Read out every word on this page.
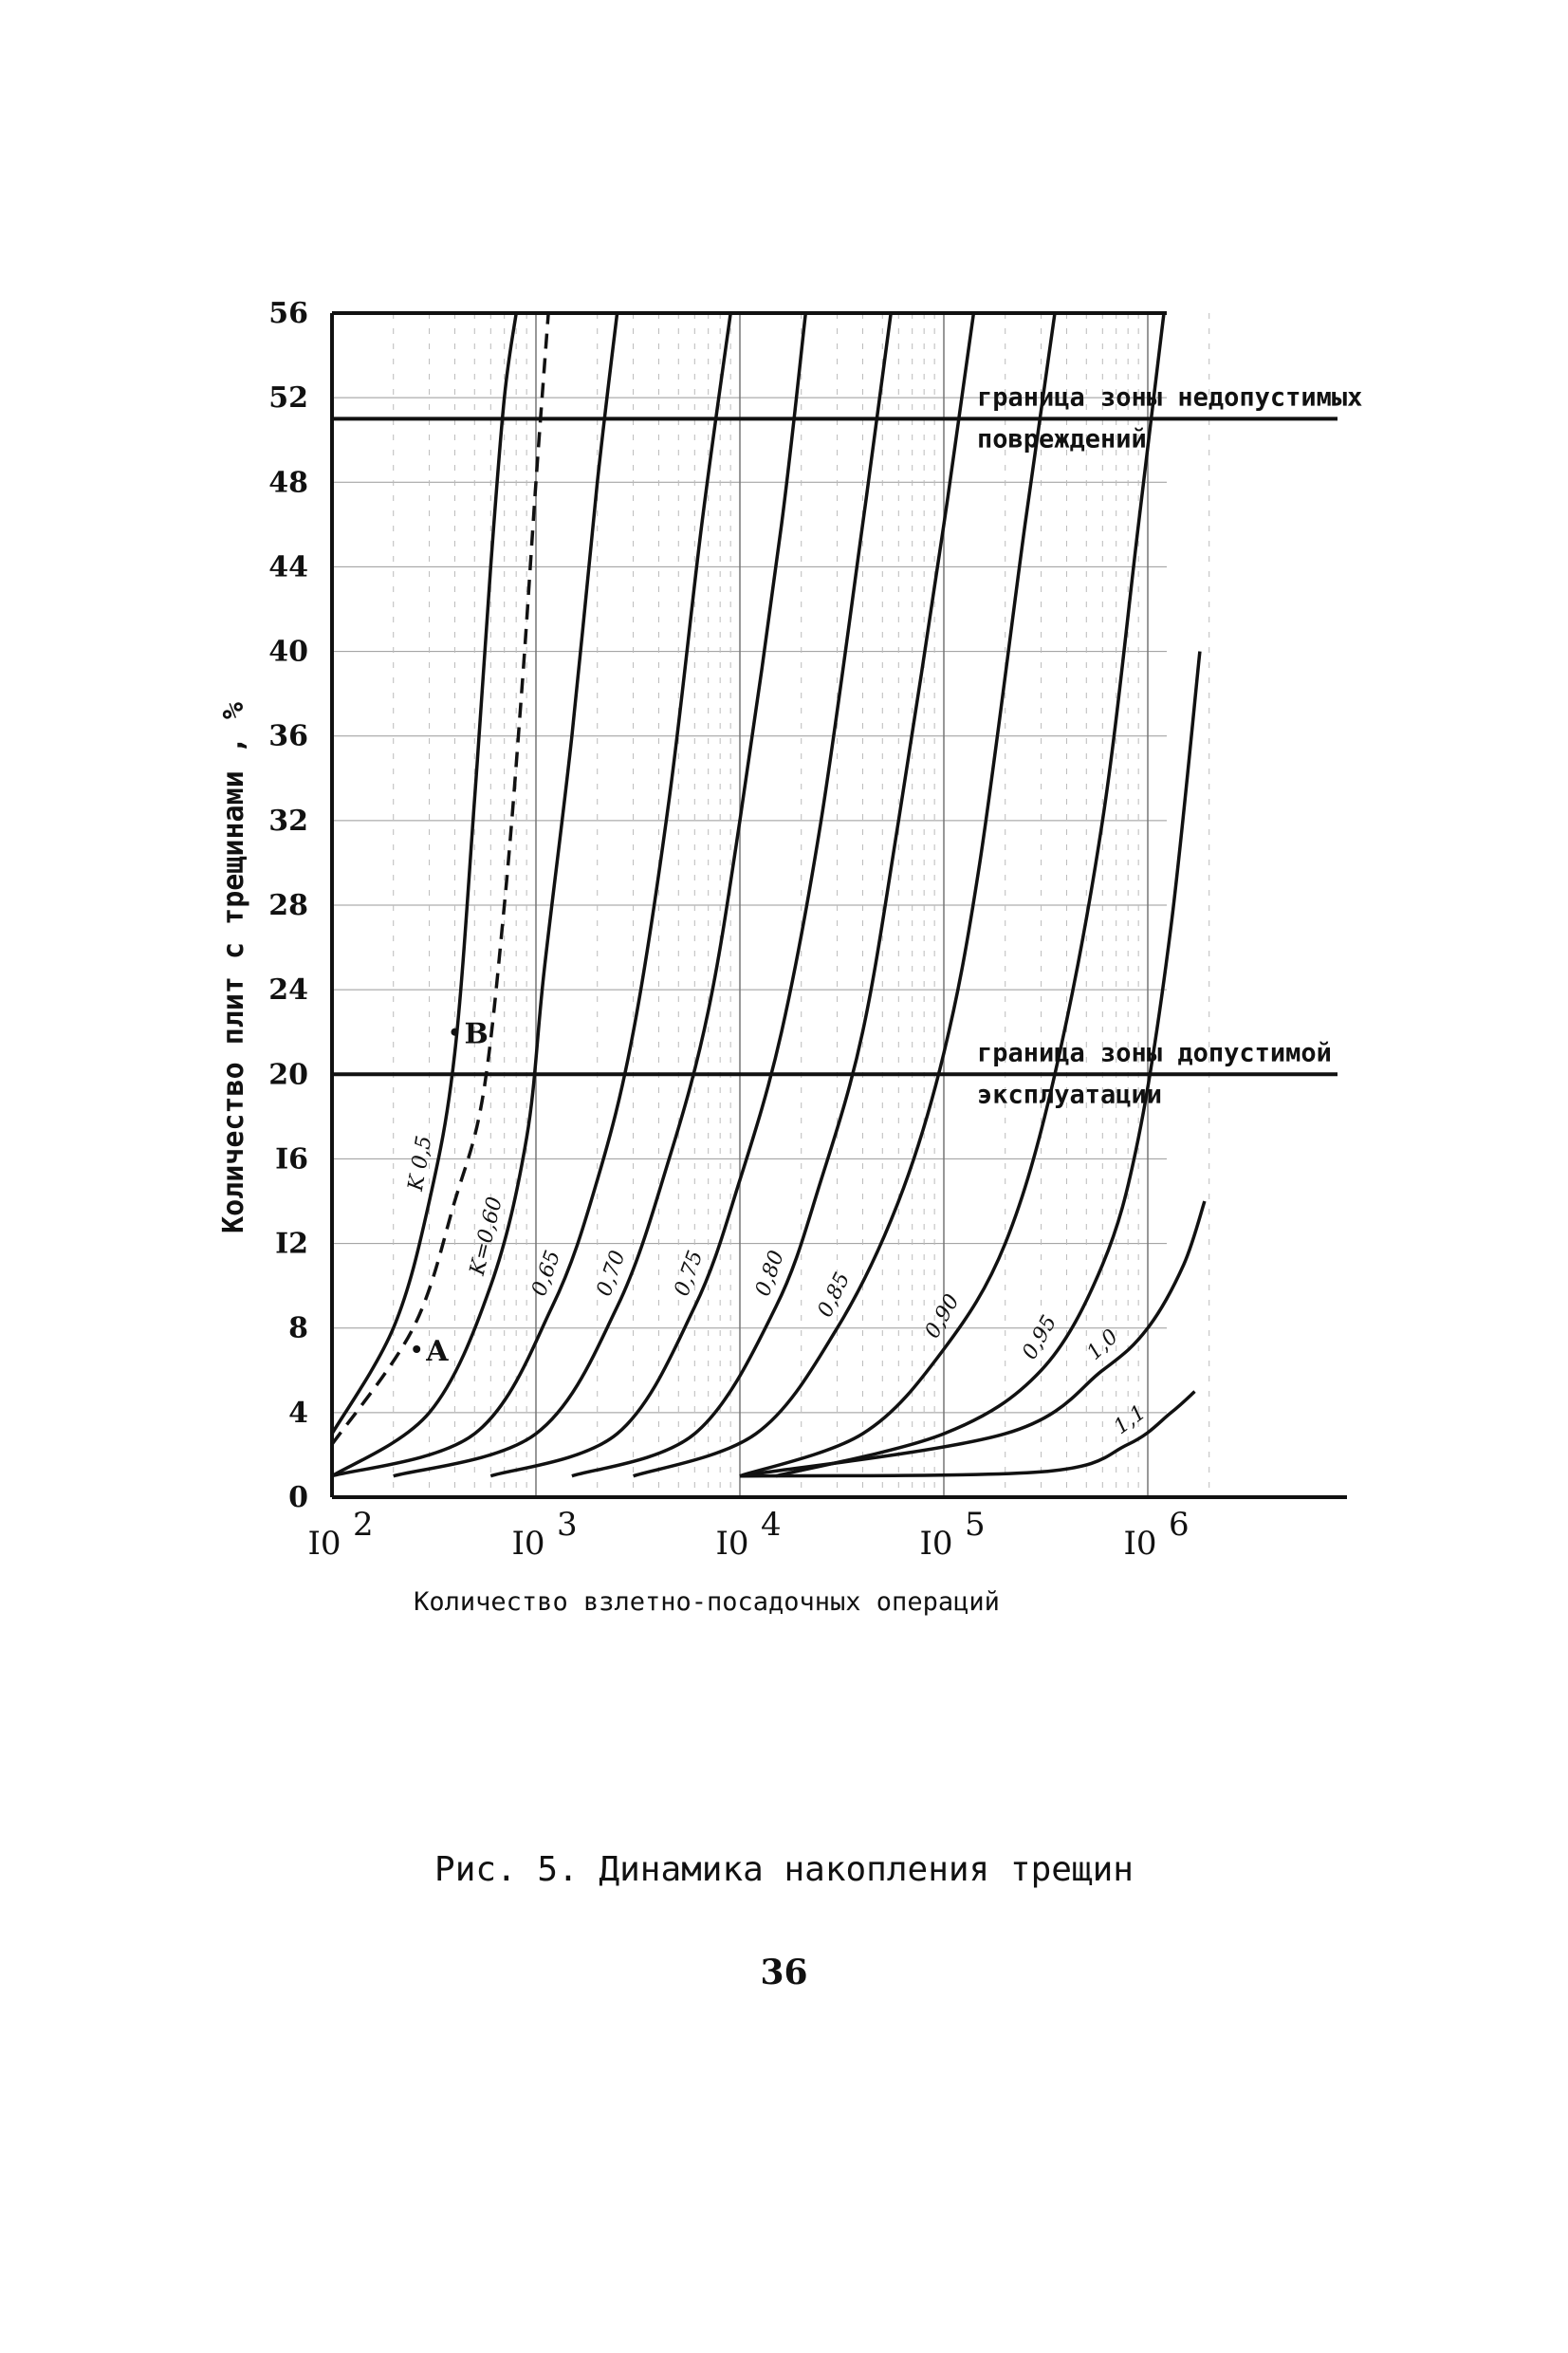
0
4
8
I2
I6
20
24
28
32
36
40
44
48
52
56
I0 2	I0 3	I0 4	I0 5	I0 6
K 0,5
K=0,60 0,65 0,70 0,75 0,80 0,85	0,90	0,95 1,0
1,1
граница зоны недопустимых
повреждений
граница зоны допустимой
эксплуатации
A
B
Количество взлетно-посадочных операций
Количество плит с трещинами , %
Рис. 5. Динамика накопления трещин
36
